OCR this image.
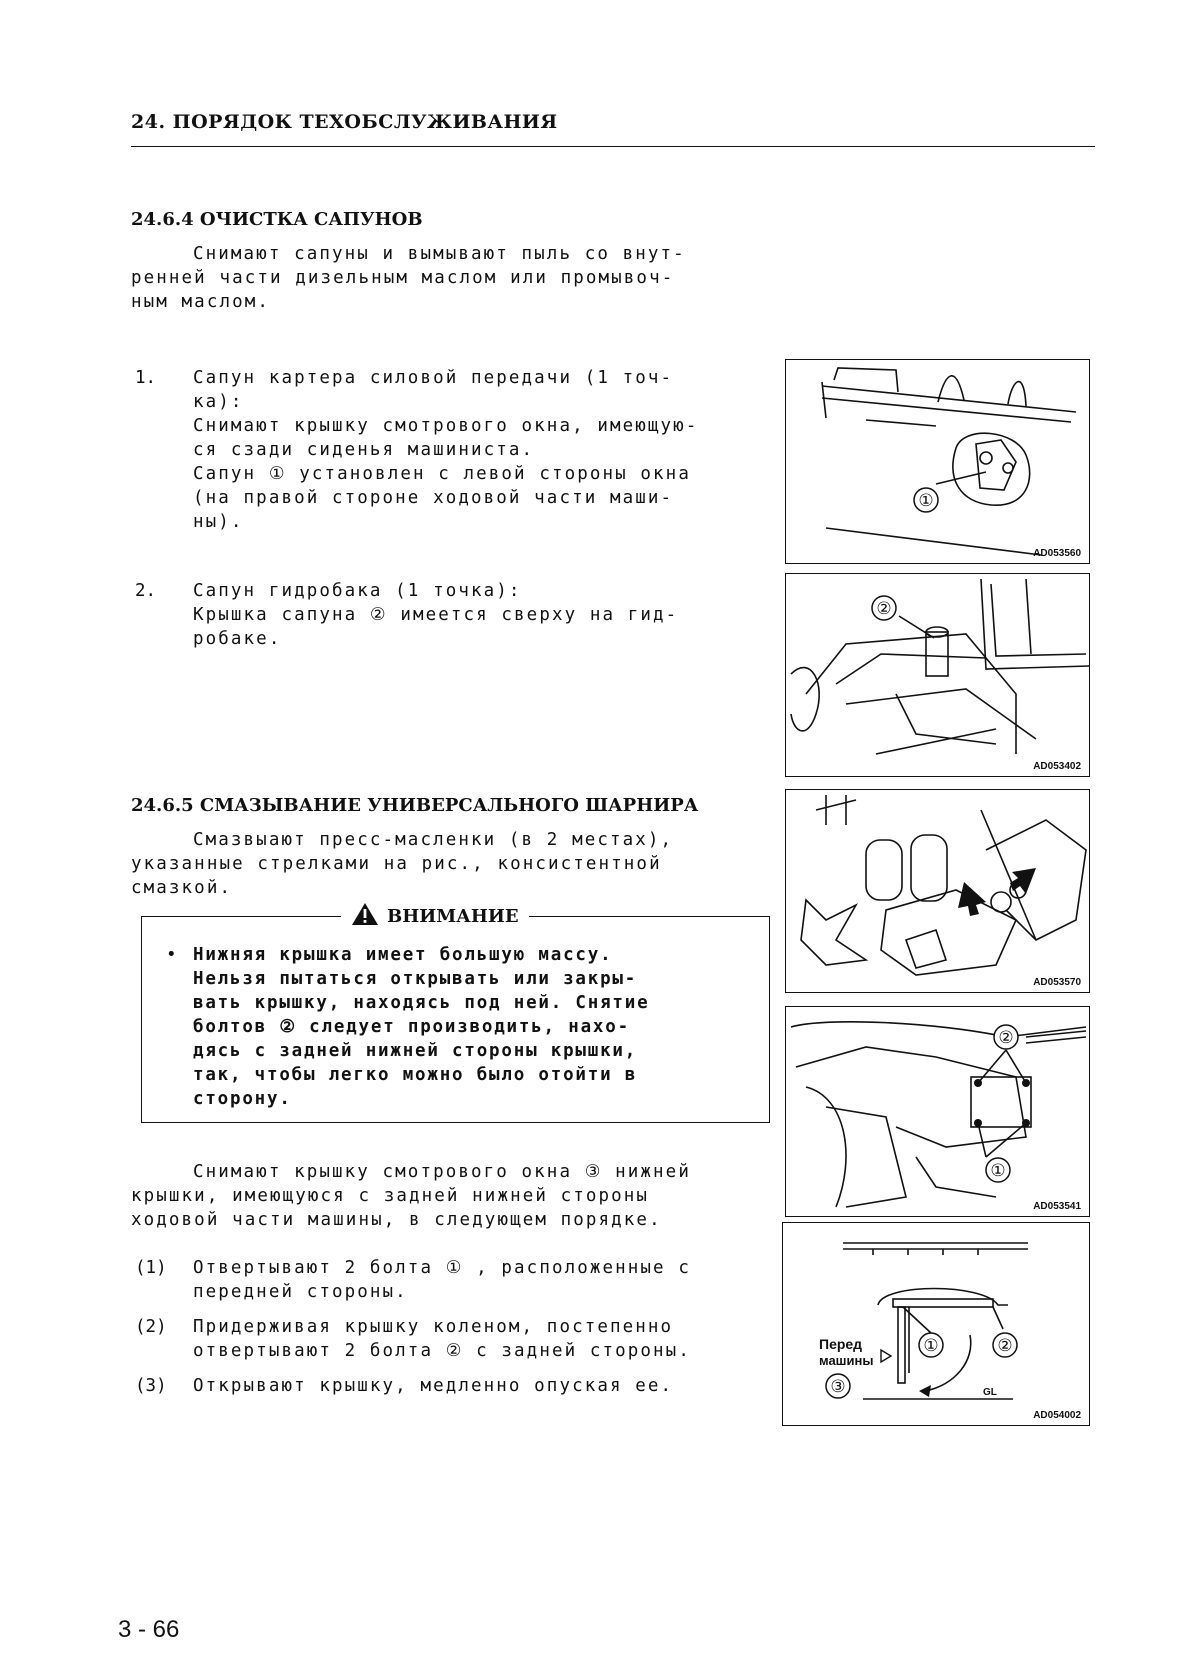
24. ПОРЯДОК ТЕХОБСЛУЖИВАНИЯ
24.6.4 ОЧИСТКА САПУНОВ
Снимают сапуны и вымывают пыль со внут-
ренней части дизельным маслом или промывоч-
ным маслом.
1. Сапун картера силовой передачи (1 точ-
ка):
Снимают крышку смотрового окна, имеющую-
ся сзади сиденья машиниста.
Сапун ① установлен с левой стороны окна
(на правой стороне ходовой части маши-
ны).
2. Сапун гидробака (1 точка):
Крышка сапуна ② имеется сверху на гид-
робаке.
24.6.5 СМАЗЫВАНИЕ УНИВЕРСАЛЬНОГО ШАРНИРА
Смазвыают пресс-масленки (в 2 местах),
указанные стрелками на рис., консистентной
смазкой.
ВНИМАНИЕ
• Нижняя крышка имеет большую массу.
Нельзя пытаться открывать или закры-
вать крышку, находясь под ней. Снятие
болтов ② следует производить, нахо-
дясь с задней нижней стороны крышки,
так, чтобы легко можно было отойти в
сторону.
Снимают крышку смотрового окна ③ нижней
крышки, имеющуюся с задней нижней стороны
ходовой части машины, в следующем порядке.
(1) Отвертывают 2 болта ① , расположенные с
передней стороны.
(2) Придерживая крышку коленом, постепенно
отвертывают 2 болта ② с задней стороны.
(3) Открывают крышку, медленно опуская ее.
①
AD053560
②
AD053402
AD053570
②
①
AD053541
Перед
машины
①	②
③	GL
AD054002
3 - 66
